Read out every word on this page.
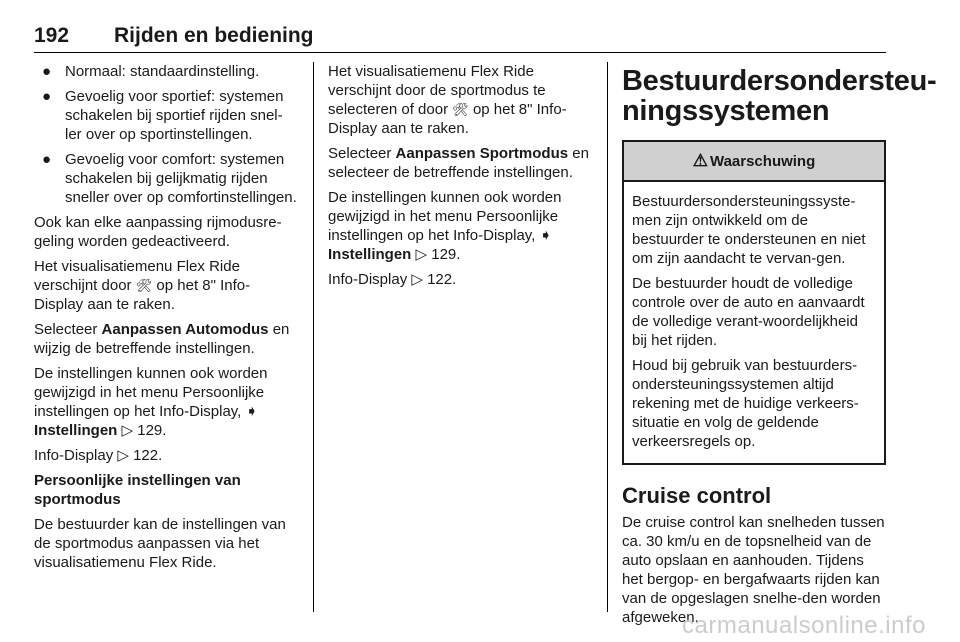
192 Rijden en bediening
● Normaal: standaardinstelling.
● Gevoelig voor sportief: systemen schakelen bij sportief rijden snel-ler over op sportinstellingen.
● Gevoelig voor comfort: systemen schakelen bij gelijkmatig rijden sneller over op comfortinstellingen.

Ook kan elke aanpassing rijmodusre-geling worden gedeactiveerd.

Het visualisatiemenu Flex Ride verschijnt door 🛠 op het 8" Info-Display aan te raken.

Selecteer Aanpassen Automodus en wijzig de betreffende instellingen.

De instellingen kunnen ook worden gewijzigd in het menu Persoonlijke instellingen op het Info-Display, ➧ Instellingen ▷ 129.

Info-Display ▷ 122.

Persoonlijke instellingen van sportmodus

De bestuurder kan de instellingen van de sportmodus aanpassen via het visualisatiemenu Flex Ride.

Het visualisatiemenu Flex Ride verschijnt door de sportmodus te selecteren of door 🛠 op het 8" Info-Display aan te raken.

Selecteer Aanpassen Sportmodus en selecteer de betreffende instellingen.

De instellingen kunnen ook worden gewijzigd in het menu Persoonlijke instellingen op het Info-Display, ➧ Instellingen ▷ 129.

Info-Display ▷ 122.

Bestuurdersondersteu-ningssystemen
⚠ Waarschuwing

Bestuurdersondersteuningssyste-men zijn ontwikkeld om de bestuurder te ondersteunen en niet om zijn aandacht te vervan-gen.

De bestuurder houdt de volledige controle over de auto en aanvaardt de volledige verant-woordelijkheid bij het rijden.

Houd bij gebruik van bestuurders-ondersteuningssystemen altijd rekening met de huidige verkeers-situatie en volg de geldende verkeersregels op.

Cruise control

De cruise control kan snelheden tussen ca. 30 km/u en de topsnelheid van de auto opslaan en aanhouden. Tijdens het bergop- en bergafwaarts rijden kan van de opgeslagen snelhe-den worden afgeweken.

carmanualsonline.info
